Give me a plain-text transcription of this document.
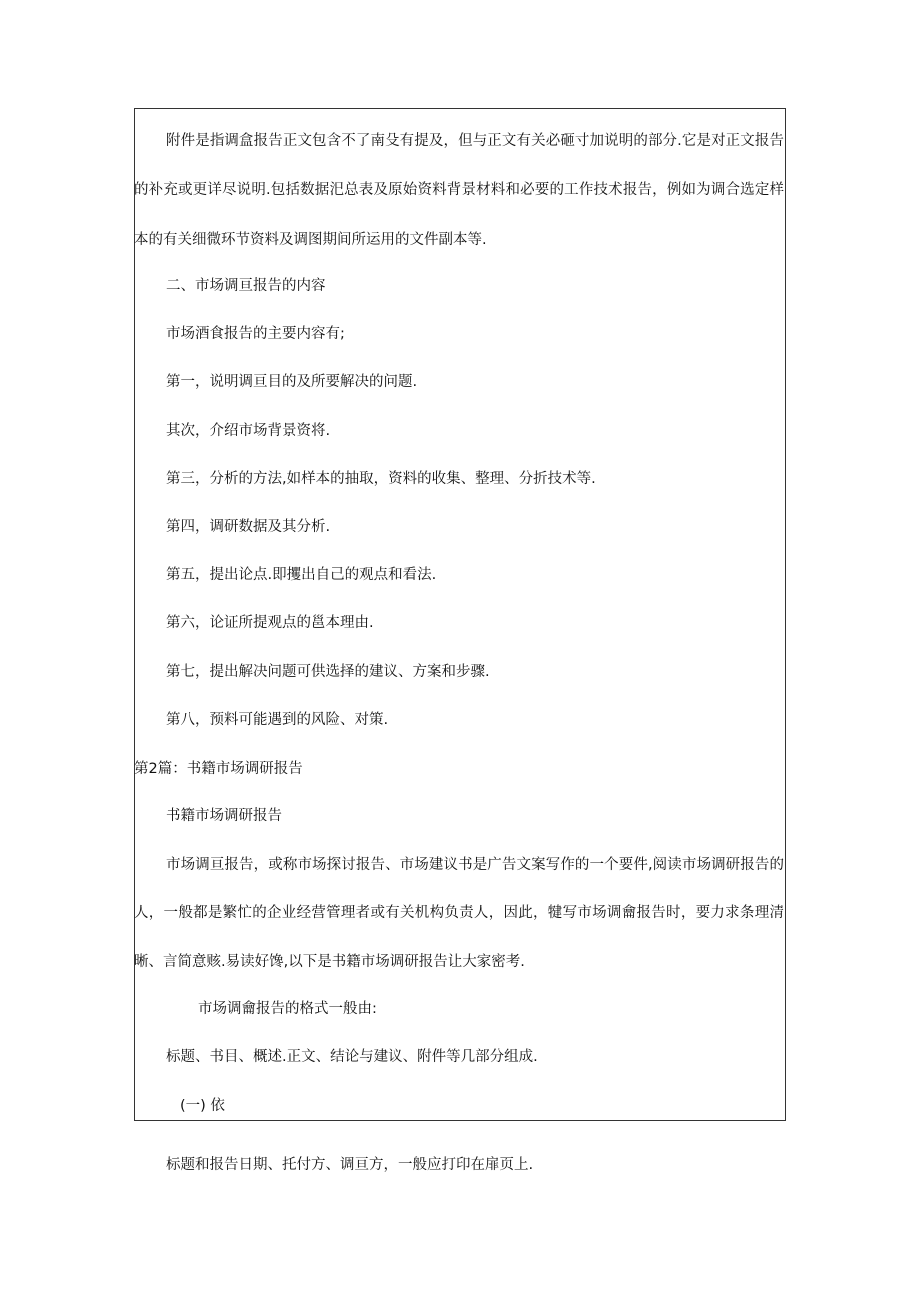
附件是指调盒报告正文包含不了南殳有提及，但与正文有关必砸寸加说明的部分.它是对正文报告

的补充或更详尽说明.包括数据汜总表及原始资料背景材料和必要的工作技术报告，例如为调合选定样

本的有关细微环节资料及调图期间所运用的文件副本等.

二、市场调亘报告的内容

市场酒食报告的主要内容有;

第一，说明调亘目的及所要解决的问题.

其次，介绍市场背景资将.

第三，分析的方法,如样本的抽取，资料的收集、整理、分折技术等.

第四，调研数据及其分析.

第五，提出论点.即攫出自己的观点和看法.

第六，论证所提观点的邕本理由.

第七，提出解决问题可供选择的建议、方案和步骤.

第八，预料可能遇到的风险、对策.

第2篇：书籍市场调研报告

书籍市场调研报告

市场调亘报告，或称市场探讨报告、市场建议书是广告文案写作的一个要件,阅读市场调研报告的

人，一般都是繁忙的企业经营管理者或有关机构负责人，因此，犍写市场调龠报告时，要力求条理清

晰、言简意赅.易读好馋,以下是书籍市场调研报告让大家密考.

市场调龠报告的格式一般由:

标题、书目、概述.正文、结论与建议、附件等几部分组成.

(一) 依

标题和报告日期、托付方、调亘方，一般应打印在扉页上.
